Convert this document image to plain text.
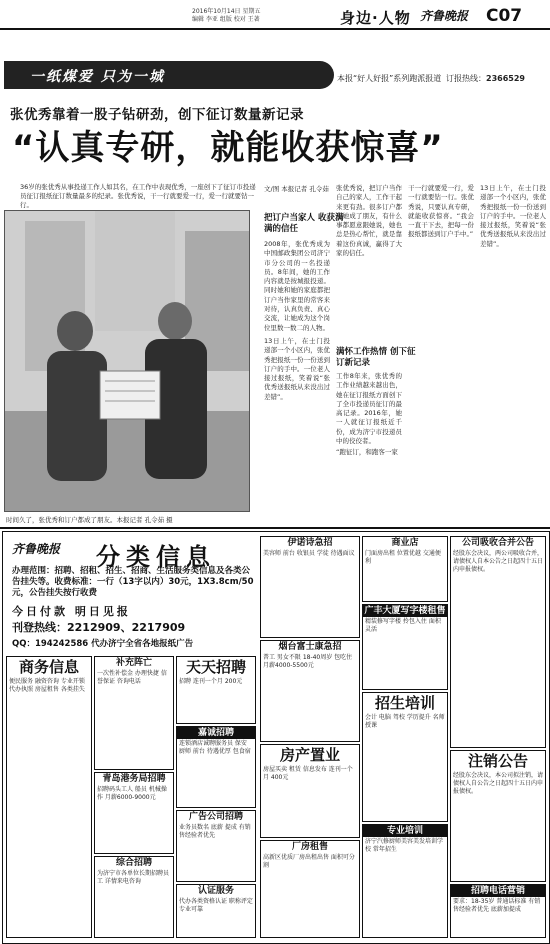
2016年10月14日 星期五
编辑 李亚 组版 校对 王著	身边·人物 齐鲁晚报 C07
一纸煤爱 只为一城	本报“好人好报”系列跑派报道 订报热线：2366529
张优秀靠着一股子钻研劲，创下征订数量新记录
“认真专研，就能收获惊喜”
36岁的张优秀从事投递工作人如其名，在工作中表现优秀，一座创下了征订市投递员征订报纸征订数量最多的纪录。张优秀说，干一行就要爱一行，爱一行就要钻一行。
时间久了，张优秀和订户都成了朋友。本报记者 孔令茹 摄
文/图 本报记者 孔令茹
把订户当家人 收获满满的信任
满怀工作热情 创下征订新记录

2008年，张优秀成为中国邮政集团公司济宁市分公司的一名投递员。8年间，她的工作内容就是按城报投递。同时她和她的家庭都把订户当作家里的常客来对待，认真负责、真心交流，让她成为这个岗位里数一数二的人物。

13日上午，在士门投递部一个小区内，张优秀把报纸一份一份送到订户的手中。一位老人接过报纸，笑着说“张优秀送报纸从来没出过差错”。

张优秀说，把订户当作自己的家人，工作干起来更有劲。很多订户都和她成了朋友，有什么事都愿意跟她说，她也总是热心帮忙，就是靠着这份真诚，赢得了大家的信任。

工作8年来，张优秀的工作业绩越来越出色，她在征订报纸方面创下了全市投递员征订的最高记录。2016年，她一人就征订报纸近千份，成为济宁市投递员中的佼佼者。

“跑征订，和跑客一家

干一行就要爱一行，爱一行就要钻一行。张优秀说，只要认真专研，就能收获惊喜。“我会一直干下去，把每一份报纸都送到订户手中。”

13日上午，在士门投递部一个小区内，张优秀把报纸一份一份送到订户的手中。一位老人接过报纸，笑着说“张优秀送报纸从来没出过差错”。

齐鲁晚报 分类信息
办理范围：招聘、招租、招生、招商、生活服务类信息及各类公告挂失等。收费标准：一行（13字以内）30元，1X3.8cm/50元，公告挂失按行收费
今日付款 明日见报
刊登热线：2212909、2217909
QQ：194242586 代办济宁全省各地报纸广告
商务信息
便民服务 融资咨询 专业开锁 代办执照 房屋租售 各类挂失
补充阵亡
一次性补偿金 办理快捷 信誉保证 咨询电话
天天招聘
招聘 连刊一个月 200元
嘉诚招聘
连锁酒店诚聘服务员 保安 厨师 前台 待遇优厚 包食宿
青岛港务局招聘
招聘码头工人 船员 机械操作 月薪6000-9000元
广告公司招聘
业务员数名 底薪 提成 有销售经验者优先
综合招聘
为济宁市各单位长期招聘员工 详情来电咨询
认证服务
代办各类资格认证 职称评定 专业可靠
伊诺诗急招
美容师 前台 收银员 学徒 待遇面议
烟台富士康急招
普工 男女不限 18-40周岁 包吃住 月薪4000-5500元
房产置业
房屋买卖 租赁 信息发布 连刊一个月 400元
厂房租售
高新区优质厂房出租出售 面积可分割
商业店
门面房出租 位置优越 交通便利
广丰大厦写字楼租售
精装修写字楼 拎包入住 面积灵活
招生培训
会计 电脑 驾校 学历提升 名师授课
专业培训
济宁汽修厨师美容美发培训学校 常年招生
公司吸收合并公告
经股东会决议，两公司吸收合并，请债权人自本公告之日起四十五日内申报债权。
注销公告
经股东会决议，本公司拟注销，请债权人自公告之日起四十五日内申报债权。
招聘电话营销
要求：18-35岁 普通话标准 有销售经验者优先 底薪加提成
